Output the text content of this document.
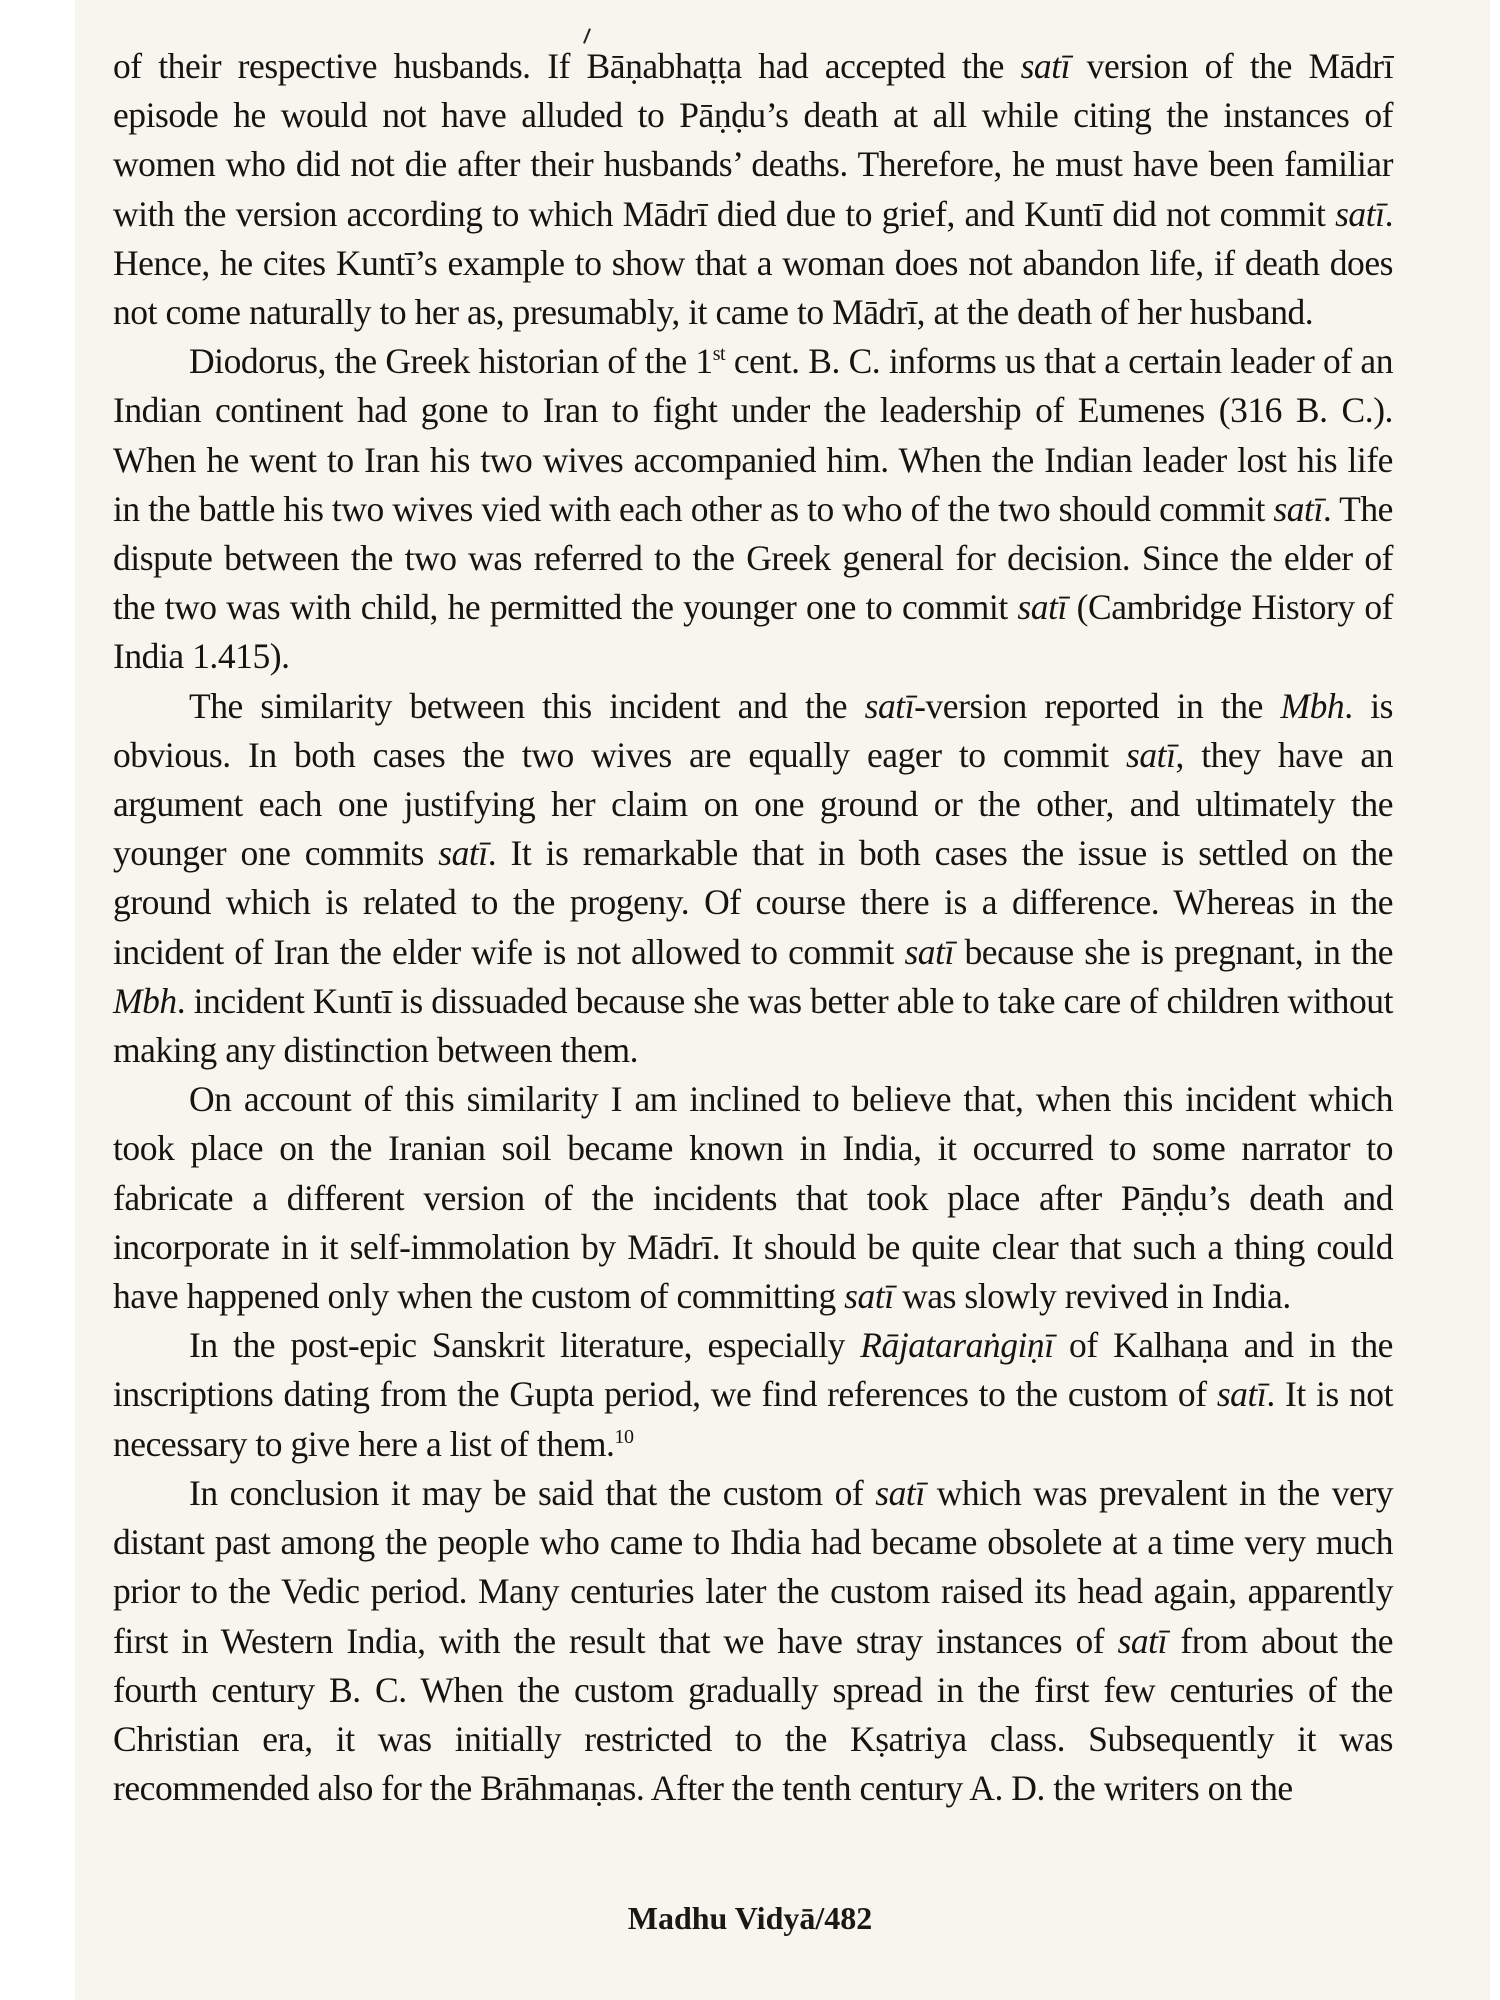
of their respective husbands. If Bāṇabhaṭṭa had accepted the satī version of the Mādrī episode he would not have alluded to Pāṇḍu’s death at all while citing the instances of women who did not die after their husbands’ deaths. Therefore, he must have been familiar with the version according to which Mādrī died due to grief, and Kuntī did not commit satī. Hence, he cites Kuntī’s example to show that a woman does not abandon life, if death does not come naturally to her as, presumably, it came to Mādrī, at the death of her husband.

Diodorus, the Greek historian of the 1st cent. B. C. informs us that a certain leader of an Indian continent had gone to Iran to fight under the leadership of Eumenes (316 B. C.). When he went to Iran his two wives accompanied him. When the Indian leader lost his life in the battle his two wives vied with each other as to who of the two should commit satī. The dispute between the two was referred to the Greek general for decision. Since the elder of the two was with child, he permitted the younger one to commit satī (Cambridge History of India 1.415).

The similarity between this incident and the satī-version reported in the Mbh. is obvious. In both cases the two wives are equally eager to commit satī, they have an argument each one justifying her claim on one ground or the other, and ultimately the younger one commits satī. It is remarkable that in both cases the issue is settled on the ground which is related to the progeny. Of course there is a difference. Whereas in the incident of Iran the elder wife is not allowed to commit satī because she is pregnant, in the Mbh. incident Kuntī is dissuaded because she was better able to take care of children without making any distinction between them.

On account of this similarity I am inclined to believe that, when this incident which took place on the Iranian soil became known in India, it occurred to some narrator to fabricate a different version of the incidents that took place after Pāṇḍu’s death and incorporate in it self-immolation by Mādrī. It should be quite clear that such a thing could have happened only when the custom of committing satī was slowly revived in India.

In the post-epic Sanskrit literature, especially Rājataraṅgiṇī of Kalhaṇa and in the inscriptions dating from the Gupta period, we find references to the custom of satī. It is not necessary to give here a list of them.$^{10}$

In conclusion it may be said that the custom of satī which was prevalent in the very distant past among the people who came to Ihdia had became obsolete at a time very much prior to the Vedic period. Many centuries later the custom raised its head again, apparently first in Western India, with the result that we have stray instances of satī from about the fourth century B. C. When the custom gradually spread in the first few centuries of the Christian era, it was initially restricted to the Kṣatriya class. Subsequently it was recommended also for the Brāhmaṇas. After the tenth century A. D. the writers on the

Madhu Vidyā/482
